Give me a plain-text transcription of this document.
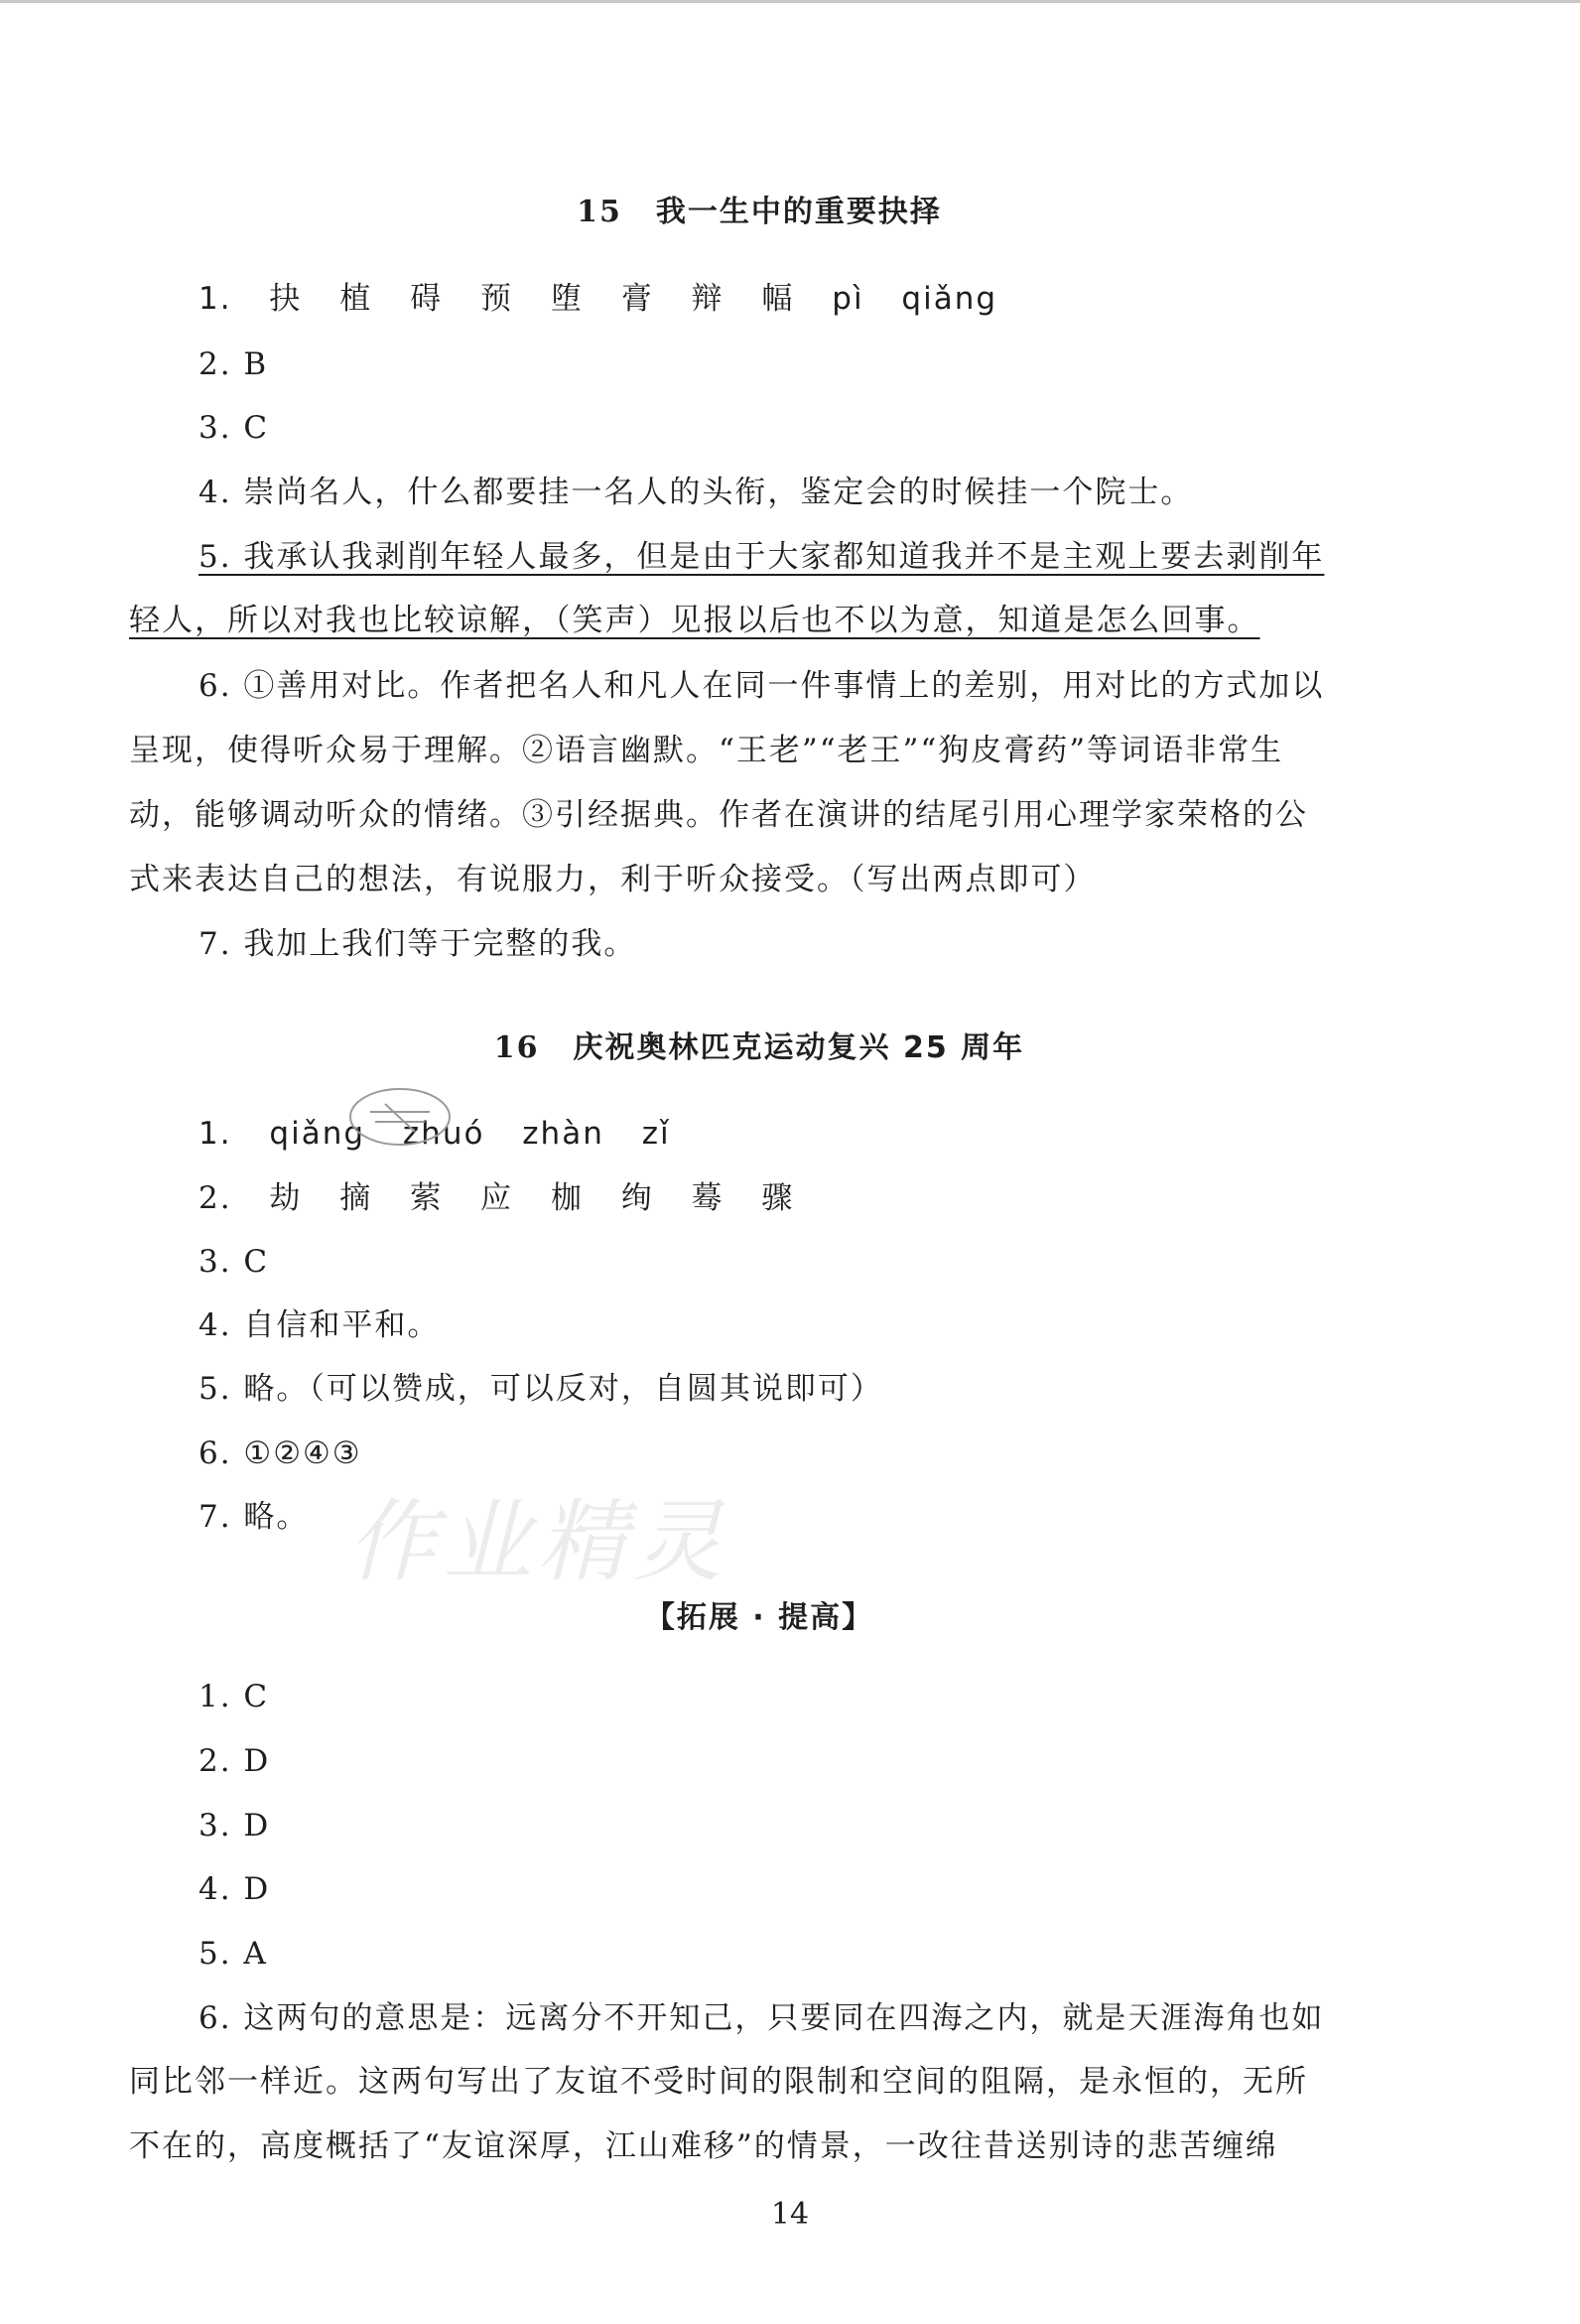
15 我一生中的重要抉择
1. 抉 植 碍 预 堕 膏 辩 幅 pì qiǎng
2. B
3. C
4. 崇尚名人，什么都要挂一名人的头衔，鉴定会的时候挂一个院士。
5. 我承认我剥削年轻人最多，但是由于大家都知道我并不是主观上要去剥削年
轻人，所以对我也比较谅解，（笑声）见报以后也不以为意，知道是怎么回事。
6. ①善用对比。作者把名人和凡人在同一件事情上的差别，用对比的方式加以
呈现，使得听众易于理解。②语言幽默。“王老”“老王”“狗皮膏药”等词语非常生
动，能够调动听众的情绪。③引经据典。作者在演讲的结尾引用心理学家荣格的公
式来表达自己的想法，有说服力，利于听众接受。（写出两点即可）
7. 我加上我们等于完整的我。
16 庆祝奥林匹克运动复兴 25 周年
1. qiǎng zhuó zhàn zǐ
2. 劫 摘 萦 应 枷 绚 蓦 骤
3. C
4. 自信和平和。
5. 略。（可以赞成，可以反对，自圆其说即可）
6. ①②④③
7. 略。 作业精灵
【拓展 · 提高】
1. C
2. D
3. D
4. D
5. A
6. 这两句的意思是：远离分不开知己，只要同在四海之内，就是天涯海角也如
同比邻一样近。这两句写出了友谊不受时间的限制和空间的阻隔，是永恒的，无所
不在的，高度概括了“友谊深厚，江山难移”的情景，一改往昔送别诗的悲苦缠绵
14
